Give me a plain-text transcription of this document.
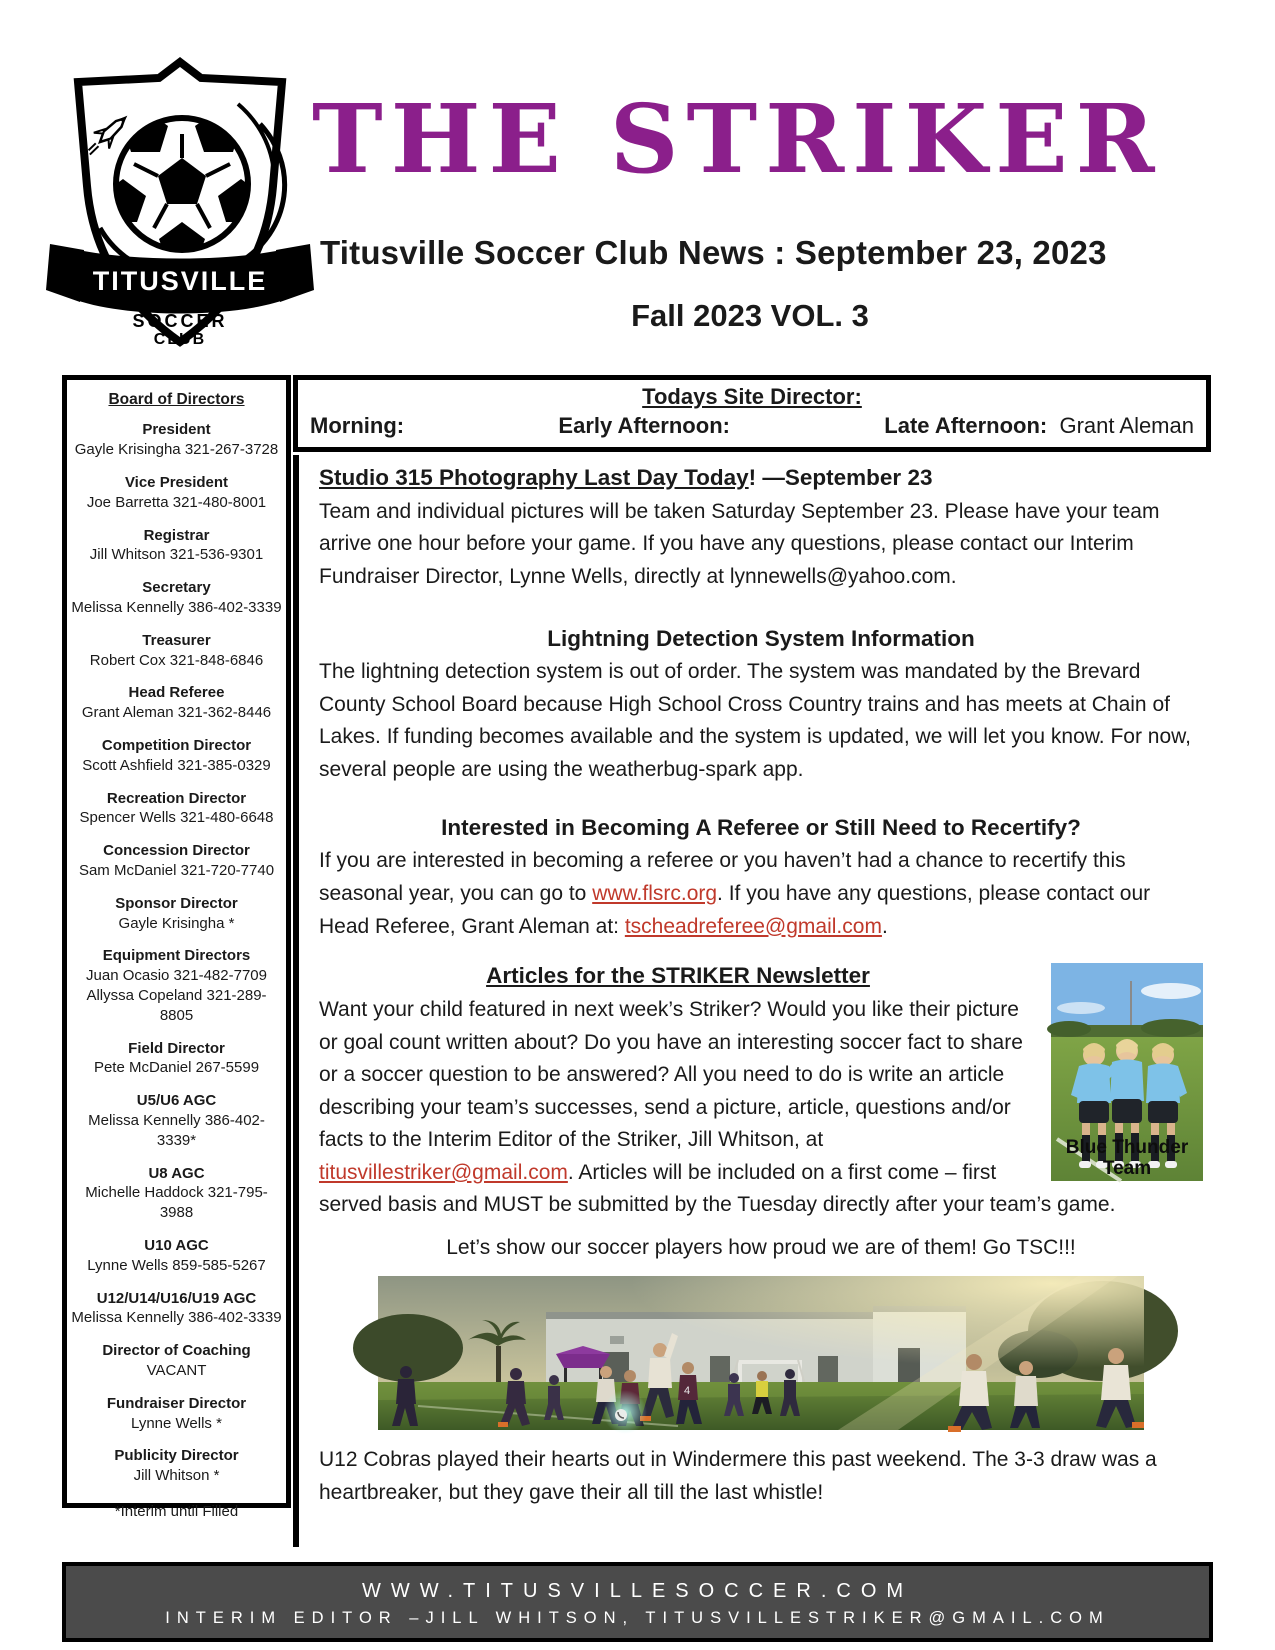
TITUSVILLE
SOCCER
CLUB
THE STRIKER
Titusville Soccer Club News : September 23, 2023
Fall 2023 VOL. 3
Board of Directors
President
Gayle Krisingha 321-267-3728
Vice President
Joe Barretta 321-480-8001
Registrar
Jill Whitson 321-536-9301
Secretary
Melissa Kennelly 386-402-3339
Treasurer
Robert Cox 321-848-6846
Head Referee
Grant Aleman 321-362-8446
Competition Director
Scott Ashfield 321-385-0329
Recreation Director
Spencer Wells 321-480-6648
Concession Director
Sam McDaniel 321-720-7740
Sponsor Director
Gayle Krisingha *
Equipment Directors
Juan Ocasio 321-482-7709
Allyssa Copeland 321-289-8805
Field Director
Pete McDaniel 267-5599
U5/U6 AGC
Melissa Kennelly 386-402-3339*
U8 AGC
Michelle Haddock 321-795-3988
U10 AGC
Lynne Wells 859-585-5267
U12/U14/U16/U19 AGC
Melissa Kennelly 386-402-3339
Director of Coaching
VACANT
Fundraiser Director
Lynne Wells *
Publicity Director
Jill Whitson *
*Interim until Filled
Todays Site Director:
Morning:	Early Afternoon:	Late Afternoon: Grant Aleman
Studio 315 Photography Last Day Today! —September 23

Team and individual pictures will be taken Saturday September 23. Please have your team arrive one hour before your game. If you have any questions, please contact our Interim Fundraiser Director, Lynne Wells, directly at lynnewells@yahoo.com.

Lightning Detection System Information

The lightning detection system is out of order. The system was mandated by the Brevard County School Board because High School Cross Country trains and has meets at Chain of Lakes. If funding becomes available and the system is updated, we will let you know. For now, several people are using the weatherbug-spark app.

Interested in Becoming A Referee or Still Need to Recertify?

If you are interested in becoming a referee or you haven’t had a chance to recertify this seasonal year, you can go to www.flsrc.org. If you have any questions, please contact our Head Referee, Grant Aleman at: tscheadreferee@gmail.com.

Blue Thunder Team
Articles for the STRIKER Newsletter

Want your child featured in next week’s Striker? Would you like their picture or goal count written about? Do you have an interesting soccer fact to share or a soccer question to be answered? All you need to do is write an article describing your team’s successes, send a picture, article, questions and/or facts to the Interim Editor of the Striker, Jill Whitson, at titusvillestriker@gmail.com. Articles will be included on a first come – first served basis and MUST be submitted by the Tuesday directly after your team’s game.

Let’s show our soccer players how proud we are of them! Go TSC!!!
4

U12 Cobras played their hearts out in Windermere this past weekend. The 3-3 draw was a heartbreaker, but they gave their all till the last whistle!

WWW.TITUSVILLESOCCER.COM
INTERIM EDITOR –JILL WHITSON, TITUSVILLESTRIKER@GMAIL.COM
